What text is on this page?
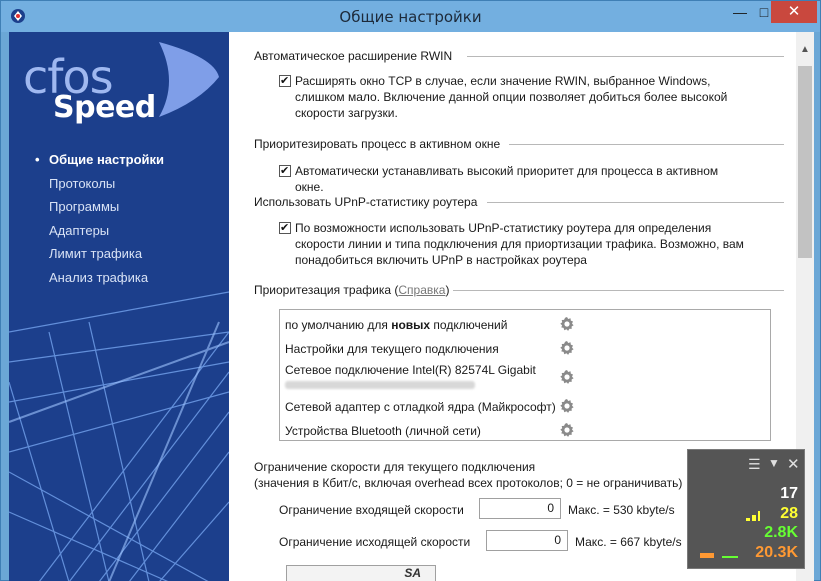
Общие настройки	— □	✕
cfos
Speed
• Общие настройки
Протоколы
Программы
Адаптеры
Лимит трафика
Анализ трафика
Автоматическое расширение RWIN
✔
Расширять окно TCP в случае, если значение RWIN, выбранное Windows, слишком мало. Включение данной опции позволяет добиться более высокой скорости загрузки.
Приоритезировать процесс в активном окне
✔
Автоматически устанавливать высокий приоритет для процесса в активном окне.
Использовать UPnP-статистику роутера
✔
По возможности использовать UPnP-статистику роутера для определения скорости линии и типа подключения для приортизации трафика. Возможно, вам понадобиться включить UPnP в настройках роутера
Приоритезация трафика (Справка)
по умолчанию для новых подключений
Настройки для текущего подключения
Сетевое подключение Intel(R) 82574L Gigabit
Сетевой адаптер с отладкой ядра (Майкрософт)
Устройства Bluetooth (личной сети)
Ограничение скорости для текущего подключения
(значения в Кбит/с, включая overhead всех протоколов; 0 = не ограничивать)
Ограничение входящей скорости	0	Макс. = 530 kbyte/s
Ограничение исходящей скорости	0	Макс. = 667 kbyte/s
SA
▲
☰ ▼ ✕
17
28
2.8K
20.3K
